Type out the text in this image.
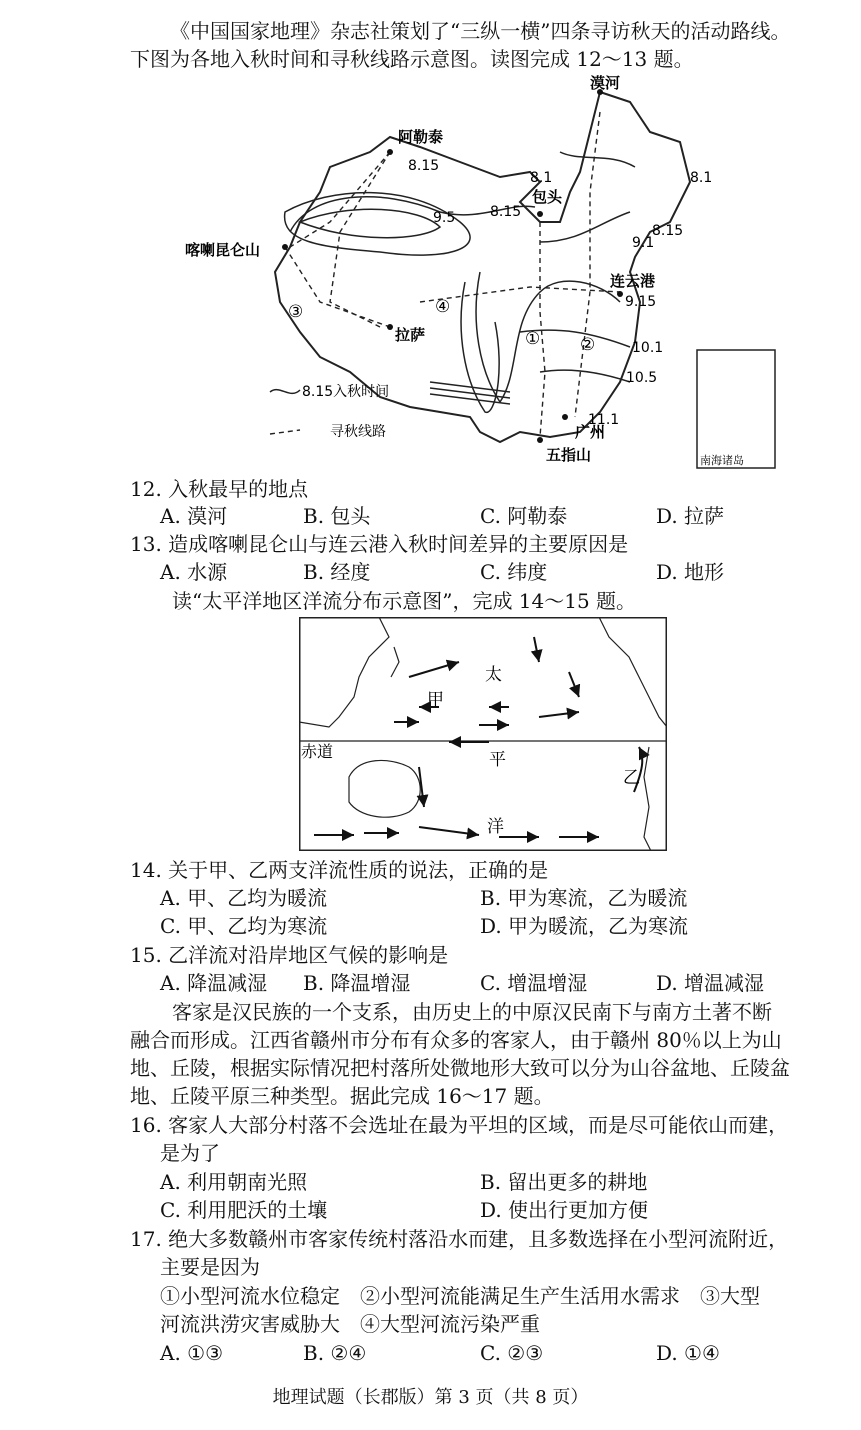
《中国国家地理》杂志社策划了“三纵一横”四条寻访秋天的活动路线。
下图为各地入秋时间和寻秋线路示意图。读图完成 12～13 题。
漠河
阿勒泰
喀喇昆仑山
包头
连云港
拉萨
广州
五指山
8.15
8.1
8.15
8.1
9.5
9.1
8.15
9.15
10.1
10.5
11.1
① ②
③	④
8.15入秋时间
寻秋线路
南海诸岛
12. 入秋最早的地点
A. 漠河	B. 包头	C. 阿勒泰	D. 拉萨
13. 造成喀喇昆仑山与连云港入秋时间差异的主要原因是
A. 水源	B. 经度	C. 纬度	D. 地形
读“太平洋地区洋流分布示意图”，完成 14～15 题。
甲
太
平
洋
乙
赤道
14. 关于甲、乙两支洋流性质的说法，正确的是
A. 甲、乙均为暖流	B. 甲为寒流，乙为暖流
C. 甲、乙均为寒流	D. 甲为暖流，乙为寒流
15. 乙洋流对沿岸地区气候的影响是
A. 降温减湿 B. 降温增湿	C. 增温增湿	D. 增温减湿
客家是汉民族的一个支系，由历史上的中原汉民南下与南方土著不断
融合而形成。江西省赣州市分布有众多的客家人，由于赣州 80％以上为山
地、丘陵，根据实际情况把村落所处微地形大致可以分为山谷盆地、丘陵盆
地、丘陵平原三种类型。据此完成 16～17 题。
16. 客家人大部分村落不会选址在最为平坦的区域，而是尽可能依山而建，
是为了
A. 利用朝南光照	B. 留出更多的耕地
C. 利用肥沃的土壤	D. 使出行更加方便
17. 绝大多数赣州市客家传统村落沿水而建，且多数选择在小型河流附近，
主要是因为
①小型河流水位稳定　②小型河流能满足生产生活用水需求　③大型
河流洪涝灾害威胁大　④大型河流污染严重
A. ①③	B. ②④	C. ②③	D. ①④
地理试题（长郡版）第 3 页（共 8 页）
